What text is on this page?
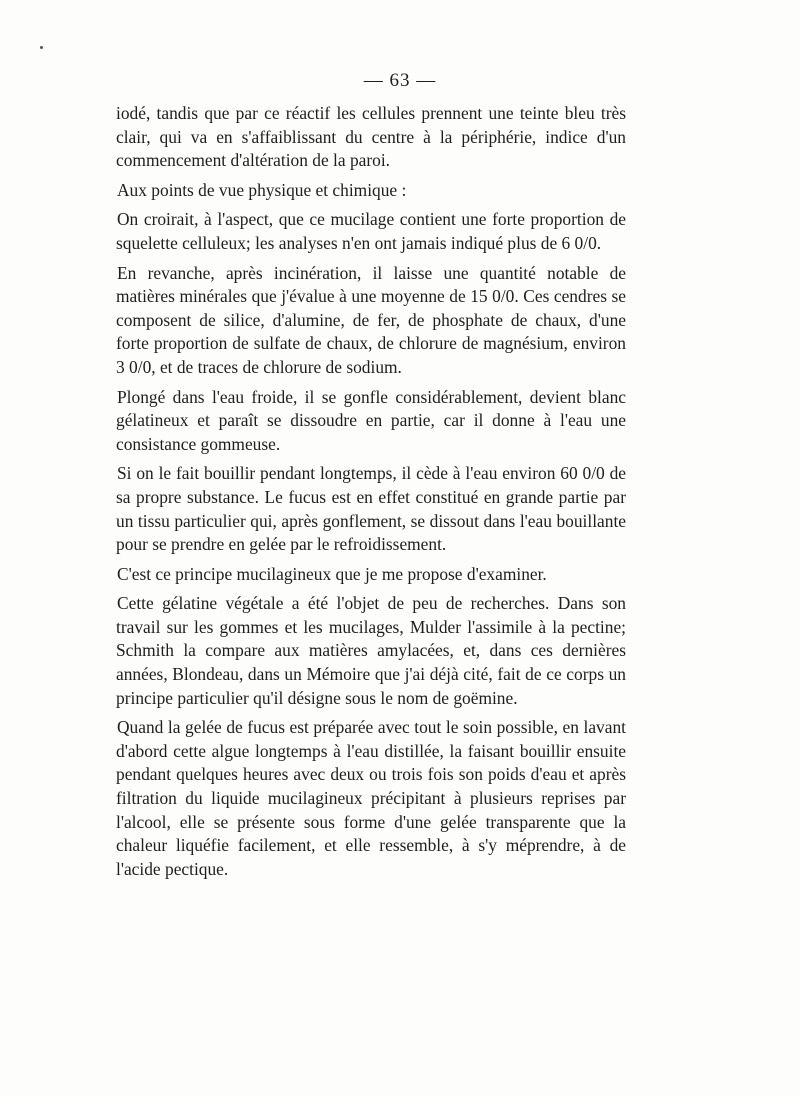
— 63 —

iodé, tandis que par ce réactif les cellules prennent une teinte bleu très clair, qui va en s'affaiblissant du centre à la périphérie, indice d'un commencement d'altération de la paroi.

Aux points de vue physique et chimique :

On croirait, à l'aspect, que ce mucilage contient une forte proportion de squelette celluleux; les analyses n'en ont jamais indiqué plus de 6 0/0.

En revanche, après incinération, il laisse une quantité notable de matières minérales que j'évalue à une moyenne de 15 0/0. Ces cendres se composent de silice, d'alumine, de fer, de phosphate de chaux, d'une forte proportion de sulfate de chaux, de chlorure de magnésium, environ 3 0/0, et de traces de chlorure de sodium.

Plongé dans l'eau froide, il se gonfle considérablement, devient blanc gélatineux et paraît se dissoudre en partie, car il donne à l'eau une consistance gommeuse.

Si on le fait bouillir pendant longtemps, il cède à l'eau environ 60 0/0 de sa propre substance. Le fucus est en effet constitué en grande partie par un tissu particulier qui, après gonflement, se dissout dans l'eau bouillante pour se prendre en gelée par le refroidissement.

C'est ce principe mucilagineux que je me propose d'examiner.

Cette gélatine végétale a été l'objet de peu de recherches. Dans son travail sur les gommes et les mucilages, Mulder l'assimile à la pectine; Schmith la compare aux matières amylacées, et, dans ces dernières années, Blondeau, dans un Mémoire que j'ai déjà cité, fait de ce corps un principe particulier qu'il désigne sous le nom de goëmine.

Quand la gelée de fucus est préparée avec tout le soin possible, en lavant d'abord cette algue longtemps à l'eau distillée, la faisant bouillir ensuite pendant quelques heures avec deux ou trois fois son poids d'eau et après filtration du liquide mucilagineux précipitant à plusieurs reprises par l'alcool, elle se présente sous forme d'une gelée transparente que la chaleur liquéfie facilement, et elle ressemble, à s'y méprendre, à de l'acide pectique.
